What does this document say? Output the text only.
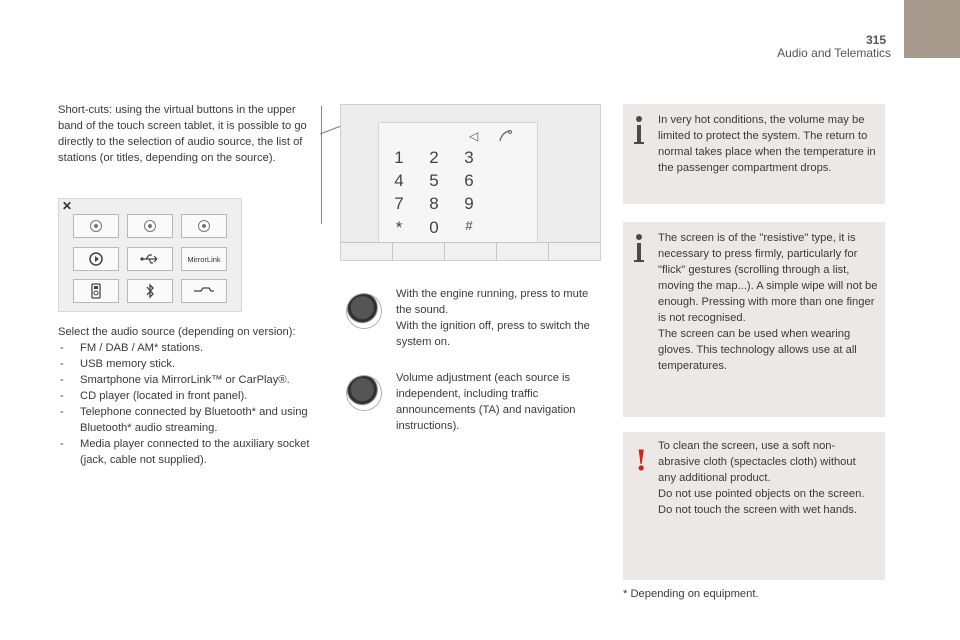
315
Audio and Telematics
Short-cuts: using the virtual buttons in the upper band of the touch screen tablet, it is possible to go directly to the selection of audio source, the list of stations (or titles, depending on the source).
✕
MirrorLink
Select the audio source (depending on version):
- FM / DAB / AM* stations.
- USB memory stick.
- Smartphone via MirrorLink™ or CarPlay®.
- CD player (located in front panel).
- Telephone connected by Bluetooth* and using Bluetooth* audio streaming.
- Media player connected to the auxiliary socket (jack, cable not supplied).
◁
1	2	3
4	5	6
7	8	9
*	0	#
With the engine running, press to mute the sound.
With the ignition off, press to switch the system on.
Volume adjustment (each source is independent, including traffic announcements (TA) and navigation instructions).
In very hot conditions, the volume may be limited to protect the system. The return to normal takes place when the temperature in the passenger compartment drops.
The screen is of the "resistive" type, it is necessary to press firmly, particularly for "flick" gestures (scrolling through a list, moving the map...). A simple wipe will not be enough. Pressing with more than one finger is not recognised.
The screen can be used when wearing gloves. This technology allows use at all temperatures.
! To clean the screen, use a soft non-abrasive cloth (spectacles cloth) without any additional product.
Do not use pointed objects on the screen.
Do not touch the screen with wet hands.
* Depending on equipment.
